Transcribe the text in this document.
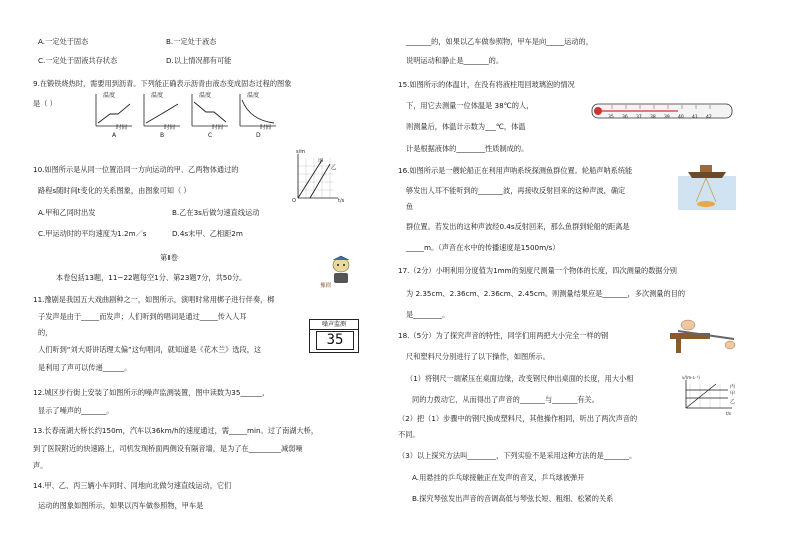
A.一定处于固态	B.一定处于液态
C.一定处于固液共存状态	D.以上情况都有可能
9.在锻铁烧热时，需要用到沥青。下列能正确表示沥青由液态变成固态过程的图象
是（ ）
温度	温度	温度	温度
时间	时间	时间	时间
A	B	C	D
10.如图所示是从同一位置沿同一方向运动的甲、乙两物体通过的
路程s随时间t变化的关系图象，由图象可知（ ）
A.甲和乙同时出发	B.乙在3s后做匀速直线运动
C.甲运动时的平均速度为1.2m／s	D.4s末甲、乙相距2m
s/m
甲
乙
O	t/s
第Ⅱ卷
本卷包括13题，11~22题每空1分、第23题7分，共50分。
豫剧
11.豫剧是我国五大戏曲剧种之一，如图所示，演唱时常用梆子进行伴奏，梆
子发声是由于_____而发声；人们听到的唱词是通过_____传入人耳
的，
人们听到“刘大哥讲话理太偏”这句唱词，就知道是《花木兰》选段，这
是利用了声可以传递______。
噪声监测
35
12.城区步行街上安装了如图所示的噪声监测装置，图中读数为35______，
显示了噪声的_______。
13.长春南湖大桥长约150m，汽车以36km/h的速度通过，需_____min。过了南湖大桥，
到了医院附近的快速路上，司机发现桥面两侧设有隔音墙，是为了在_________减弱噪
声。
14.甲、乙、丙三辆小车同时、同地向北做匀速直线运动，它们
运动的图象如图所示，如果以丙车做参照物，甲车是
_______的，如果以乙车做参照物，甲车是向_____运动的，
说明运动和静止是_______的。
15.如图所示的体温计，在没有将液柱甩回玻璃泡的情况
下，用它去测量一位体温是 38℃的人，
则测量后，体温计示数为___℃，体温
计是根据液体的________性质制成的。
35 36 37 38 39 40 41 42
16.如图所示是一艘轮船正在利用声呐系统探测鱼群位置。轮船声呐系统能
够发出人耳不能听到的_______波，再接收反射回来的这种声波，确定
鱼
群位置。若发出的这种声波经0.4s反射回来，那么鱼群到轮船的距离是
_____m。（声音在水中的传播速度是1500m/s）
17.（2分）小明利用分度值为1mm的刻度尺测量一个物体的长度，四次测量的数据分别
为 2.35cm、2.36cm、2.36cm、2.45cm。则测量结果应是_______，多次测量的目的
是________。
18.（5分）为了探究声音的特性，同学们用两把大小完全一样的钢
尺和塑料尺分别进行了以下操作，如图所示。
（1）将钢尺一端紧压在桌面边缘，改变钢尺伸出桌面的长度，用大小相
同的力拨动它，从而得出了声音的_______与_______有关。
（2）把（1）步骤中的钢尺换成塑料尺，其他操作相同，听出了两次声音的
不同。
（3）以上探究方法叫________，下列实验不是采用这种方法的是_______。
A.用悬挂的乒乓球接触正在发声的音叉，乒乓球被弹开
B.探究琴弦发出声音的音调高低与琴弦长短、粗细、松紧的关系
v/(m·s⁻¹)
丙
甲
乙
t/s
